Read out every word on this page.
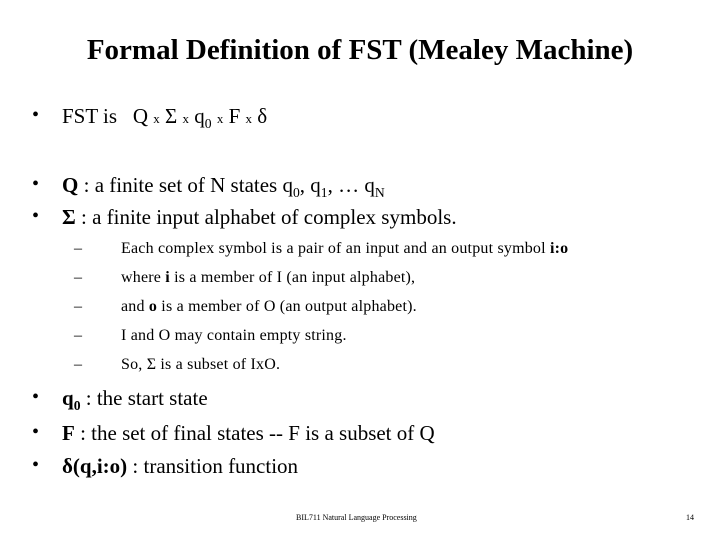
Formal Definition of FST (Mealey Machine)
• FST is Q x Σ x $q_0$ x F x δ
• Q : a finite set of N states $q_0$, $q_1$, … $q_N$
• Σ : a finite input alphabet of complex symbols.
– Each complex symbol is a pair of an input and an output symbol i:o
– where i is a member of I (an input alphabet),
– and o is a member of O (an output alphabet).
– I and O may contain empty string.
– So, Σ is a subset of IxO.
• $q_0$ : the start state
• F : the set of final states -- F is a subset of Q
• δ(q,i:o) : transition function
BIL711 Natural Language Processing	14
